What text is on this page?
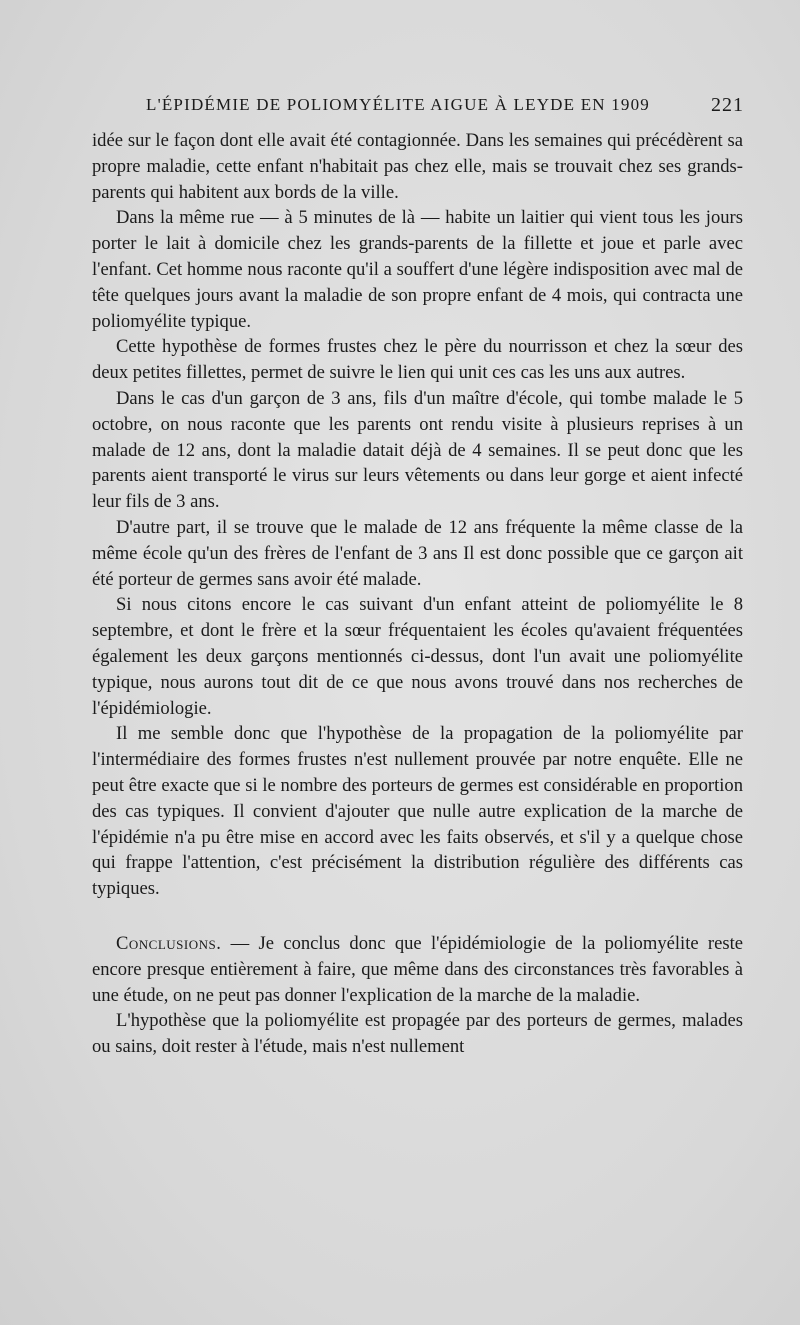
L'ÉPIDÉMIE DE POLIOMYÉLITE AIGUE À LEYDE EN 1909	221

idée sur le façon dont elle avait été contagionnée. Dans les semaines qui précédèrent sa propre maladie, cette enfant n'habitait pas chez elle, mais se trouvait chez ses grands-parents qui habitent aux bords de la ville.

Dans la même rue — à 5 minutes de là — habite un laitier qui vient tous les jours porter le lait à domicile chez les grands-parents de la fillette et joue et parle avec l'enfant. Cet homme nous raconte qu'il a souffert d'une légère indisposition avec mal de tête quelques jours avant la maladie de son propre enfant de 4 mois, qui contracta une poliomyélite typique.

Cette hypothèse de formes frustes chez le père du nourrisson et chez la sœur des deux petites fillettes, permet de suivre le lien qui unit ces cas les uns aux autres.

Dans le cas d'un garçon de 3 ans, fils d'un maître d'école, qui tombe malade le 5 octobre, on nous raconte que les parents ont rendu visite à plusieurs reprises à un malade de 12 ans, dont la maladie datait déjà de 4 semaines. Il se peut donc que les parents aient transporté le virus sur leurs vêtements ou dans leur gorge et aient infecté leur fils de 3 ans.

D'autre part, il se trouve que le malade de 12 ans fréquente la même classe de la même école qu'un des frères de l'enfant de 3 ans Il est donc possible que ce garçon ait été porteur de germes sans avoir été malade.

Si nous citons encore le cas suivant d'un enfant atteint de poliomyélite le 8 septembre, et dont le frère et la sœur fréquentaient les écoles qu'avaient fréquentées également les deux garçons mentionnés ci-dessus, dont l'un avait une poliomyélite typique, nous aurons tout dit de ce que nous avons trouvé dans nos recherches de l'épidémiologie.

Il me semble donc que l'hypothèse de la propagation de la poliomyélite par l'intermédiaire des formes frustes n'est nullement prouvée par notre enquête. Elle ne peut être exacte que si le nombre des porteurs de germes est considérable en proportion des cas typiques. Il convient d'ajouter que nulle autre explication de la marche de l'épidémie n'a pu être mise en accord avec les faits observés, et s'il y a quelque chose qui frappe l'attention, c'est précisément la distribution régulière des différents cas typiques.

Conclusions. — Je conclus donc que l'épidémiologie de la poliomyélite reste encore presque entièrement à faire, que même dans des circonstances très favorables à une étude, on ne peut pas donner l'explication de la marche de la maladie.

L'hypothèse que la poliomyélite est propagée par des porteurs de germes, malades ou sains, doit rester à l'étude, mais n'est nullement
